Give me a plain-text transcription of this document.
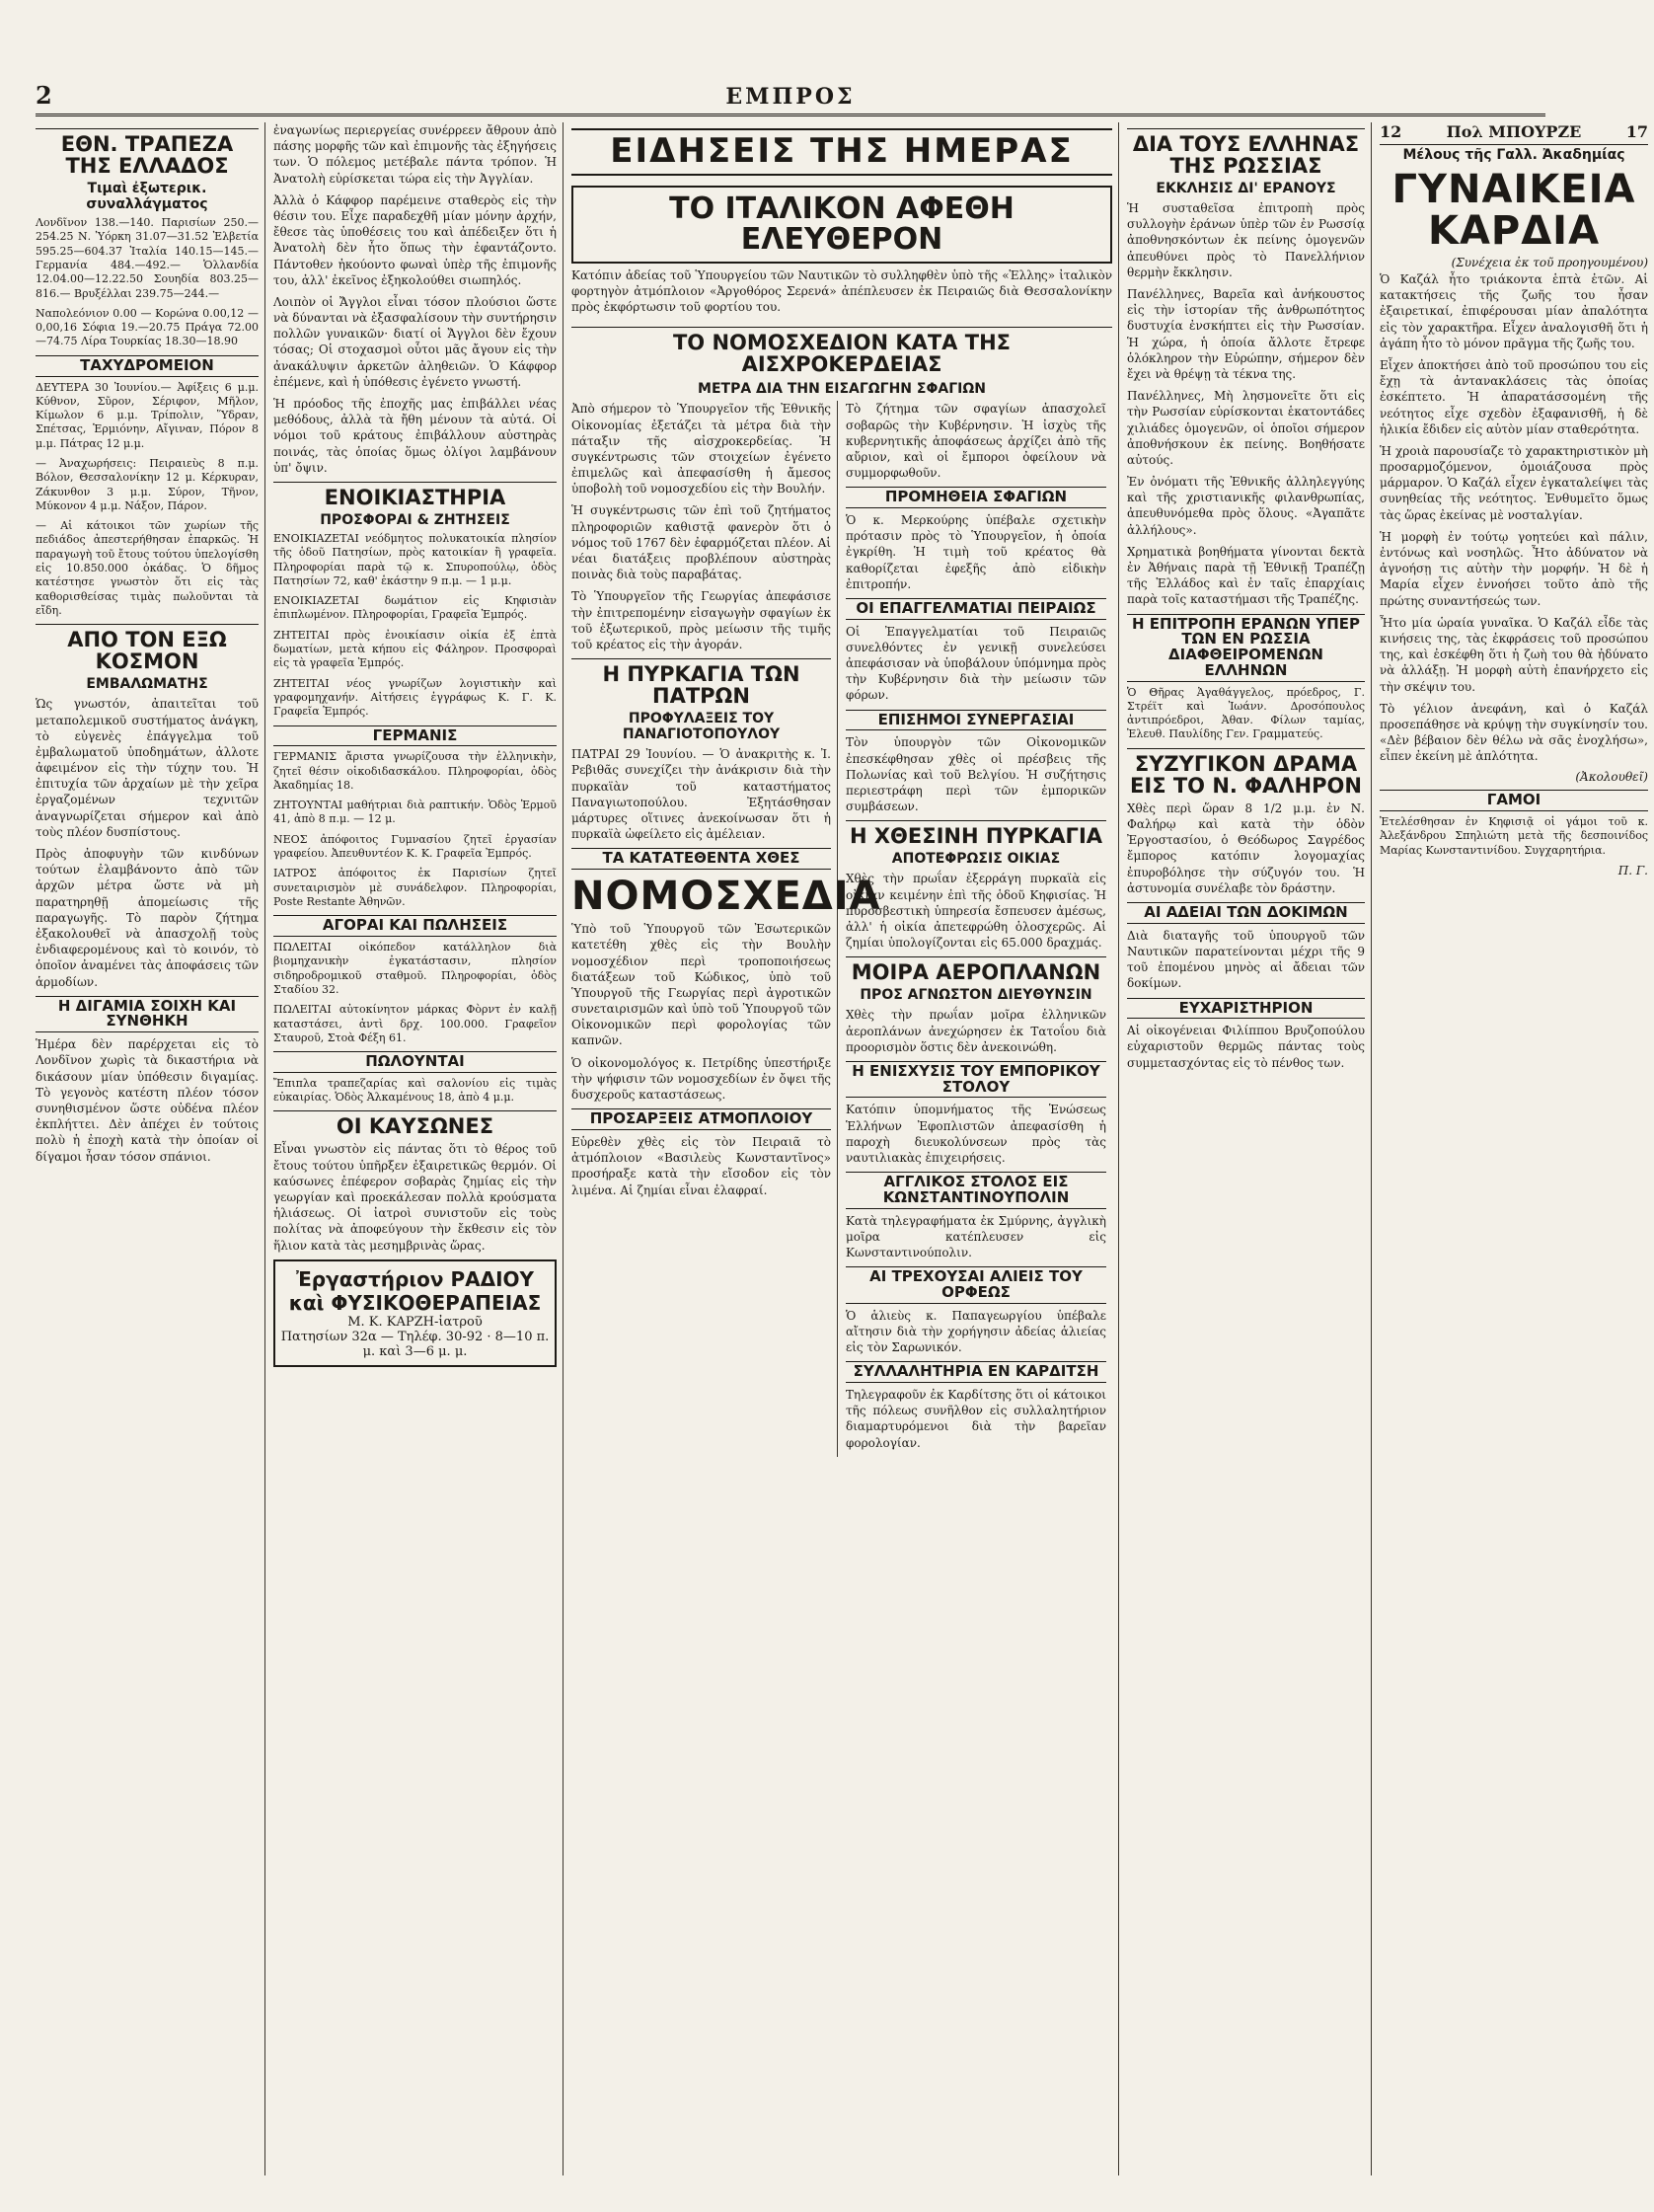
2	ΕΜΠΡΟΣ
ΕΘΝ. ΤΡΑΠΕΖΑ ΤΗΣ ΕΛΛΑΔΟΣ
Τιμαὶ ἐξωτερικ. συναλλάγματος

Λονδῖνον 138.—140. Παρισίων 250.—254.25 Ν. Ὑόρκη 31.07—31.52 Ἐλβετία 595.25—604.37 Ἰταλία 140.15—145.— Γερμανία 484.—492.— Ὁλλανδία 12.04.00—12.22.50 Σουηδία 803.25—816.— Βρυξέλλαι 239.75—244.—

Ναπολεόνιον 0.00 — Κορώνα 0.00,12 — 0,00,16 Σόφια 19.—20.75 Πράγα 72.00—74.75 Λίρα Τουρκίας 18.30—18.90

ΤΑΧΥΔΡΟΜΕΙΟΝ

ΔΕΥΤΕΡΑ 30 Ἰουνίου.— Ἀφίξεις 6 μ.μ. Κύθνον, Σῦρον, Σέριφον, Μῆλον, Κίμωλον 6 μ.μ. Τρίπολιν, Ὕδραν, Σπέτσας, Ἑρμιόνην, Αἴγιναν, Πόρον 8 μ.μ. Πάτρας 12 μ.μ.

— Ἀναχωρήσεις: Πειραιεὺς 8 π.μ. Βόλον, Θεσσαλονίκην 12 μ. Κέρκυραν, Ζάκυνθον 3 μ.μ. Σύρον, Τῆνον, Μύκονον 4 μ.μ. Νάξον, Πάρον.

— Αἱ κάτοικοι τῶν χωρίων τῆς πεδιάδος ἀπεστερήθησαν ἐπαρκῶς. Ἡ παραγωγὴ τοῦ ἔτους τούτου ὑπελογίσθη εἰς 10.850.000 ὀκάδας. Ὁ δῆμος κατέστησε γνωστὸν ὅτι εἰς τὰς καθορισθείσας τιμὰς πωλοῦνται τὰ εἴδη.

ΑΠΟ ΤΟΝ ΕΞΩ ΚΟΣΜΟΝ
ΕΜΒΑΛΩΜΑΤΗΣ

Ὡς γνωστόν, ἀπαιτεῖται τοῦ μεταπολεμικοῦ συστήματος ἀνάγκη, τὸ εὐγενὲς ἐπάγγελμα τοῦ ἐμβαλωματοῦ ὑποδημάτων, ἀλλοτε ἀφειμένον εἰς τὴν τύχην του. Ἡ ἐπιτυχία τῶν ἀρχαίων μὲ τὴν χεῖρα ἐργαζομένων τεχνιτῶν ἀναγνωρίζεται σήμερον καὶ ἀπὸ τοὺς πλέον δυσπίστους.

Πρὸς ἀποφυγὴν τῶν κινδύνων τούτων ἐλαμβάνοντο ἀπὸ τῶν ἀρχῶν μέτρα ὥστε νὰ μὴ παρατηρηθῇ ἀπομείωσις τῆς παραγωγῆς. Τὸ παρὸν ζήτημα ἐξακολουθεῖ νὰ ἀπασχολῇ τοὺς ἐνδιαφερομένους καὶ τὸ κοινόν, τὸ ὁποῖον ἀναμένει τὰς ἀποφάσεις τῶν ἁρμοδίων.

Η ΔΙΓΑΜΙΑ ΣΟΙΧΗ ΚΑΙ ΣΥΝΘΗΚΗ

Ἡμέρα δὲν παρέρχεται εἰς τὸ Λονδῖνον χωρὶς τὰ δικαστήρια νὰ δικάσουν μίαν ὑπόθεσιν διγαμίας. Τὸ γεγονὸς κατέστη πλέον τόσον συνηθισμένον ὥστε οὐδένα πλέον ἐκπλήττει. Δὲν ἀπέχει ἐν τούτοις πολὺ ἡ ἐποχὴ κατὰ τὴν ὁποίαν οἱ δίγαμοι ἦσαν τόσον σπάνιοι.

ἐναγωνίως περιεργείας συνέρρεεν ἄθρουν ἀπὸ πάσης μορφῆς τῶν καὶ ἐπιμονῆς τὰς ἐξηγήσεις των. Ὁ πόλεμος μετέβαλε πάντα τρόπον. Ἡ Ἀνατολὴ εὑρίσκεται τώρα εἰς τὴν Ἀγγλίαν.

Ἀλλὰ ὁ Κάφφορ παρέμεινε σταθερὸς εἰς τὴν θέσιν του. Εἶχε παραδεχθῆ μίαν μόνην ἀρχήν, ἔθεσε τὰς ὑποθέσεις του καὶ ἀπέδειξεν ὅτι ἡ Ἀνατολὴ δὲν ἦτο ὅπως τὴν ἐφαντάζοντο. Πάντοθεν ἠκούοντο φωναὶ ὑπὲρ τῆς ἐπιμονῆς του, ἀλλ' ἐκεῖνος ἐξηκολούθει σιωπηλός.

Λοιπὸν οἱ Ἄγγλοι εἶναι τόσον πλούσιοι ὥστε νὰ δύνανται νὰ ἐξασφαλίσουν τὴν συντήρησιν πολλῶν γυναικῶν· διατί οἱ Ἄγγλοι δὲν ἔχουν τόσας; Οἱ στοχασμοὶ οὗτοι μᾶς ἄγουν εἰς τὴν ἀνακάλυψιν ἀρκετῶν ἀληθειῶν. Ὁ Κάφφορ ἐπέμενε, καὶ ἡ ὑπόθεσις ἐγένετο γνωστή.

Ἡ πρόοδος τῆς ἐποχῆς μας ἐπιβάλλει νέας μεθόδους, ἀλλὰ τὰ ἤθη μένουν τὰ αὐτά. Οἱ νόμοι τοῦ κράτους ἐπιβάλλουν αὐστηρὰς ποινάς, τὰς ὁποίας ὅμως ὀλίγοι λαμβάνουν ὑπ' ὄψιν.

ΕΝΟΙΚΙΑΣΤΗΡΙΑ
ΠΡΟΣΦΟΡΑΙ & ΖΗΤΗΣΕΙΣ

ΕΝΟΙΚΙΑΖΕΤΑΙ νεόδμητος πολυκατοικία πλησίον τῆς ὁδοῦ Πατησίων, πρὸς κατοικίαν ἢ γραφεῖα. Πληροφορίαι παρὰ τῷ κ. Σπυροπούλῳ, ὁδὸς Πατησίων 72, καθ' ἑκάστην 9 π.μ. — 1 μ.μ.

ΕΝΟΙΚΙΑΖΕΤΑΙ δωμάτιον εἰς Κηφισιὰν ἐπιπλωμένον. Πληροφορίαι, Γραφεῖα Ἐμπρός.

ΖΗΤΕΙΤΑΙ πρὸς ἐνοικίασιν οἰκία ἐξ ἑπτὰ δωματίων, μετὰ κήπου εἰς Φάληρον. Προσφοραὶ εἰς τὰ γραφεῖα Ἐμπρός.

ΖΗΤΕΙΤΑΙ νέος γνωρίζων λογιστικὴν καὶ γραφομηχανήν. Αἰτήσεις ἐγγράφως Κ. Γ. Κ. Γραφεῖα Ἐμπρός.

ΓΕΡΜΑΝΙΣ

ΓΕΡΜΑΝΙΣ ἄριστα γνωρίζουσα τὴν ἑλληνικὴν, ζητεῖ θέσιν οἰκοδιδασκάλου. Πληροφορίαι, ὁδὸς Ἀκαδημίας 18.

ΖΗΤΟΥΝΤΑΙ μαθήτριαι διὰ ραπτικήν. Ὁδὸς Ἑρμοῦ 41, ἀπὸ 8 π.μ. — 12 μ.

ΝΕΟΣ ἀπόφοιτος Γυμνασίου ζητεῖ ἐργασίαν γραφείου. Ἀπευθυντέον Κ. Κ. Γραφεῖα Ἐμπρός.

ΙΑΤΡΟΣ ἀπόφοιτος ἐκ Παρισίων ζητεῖ συνεταιρισμὸν μὲ συνάδελφον. Πληροφορίαι, Poste Restante Ἀθηνῶν.

ΑΓΟΡΑΙ ΚΑΙ ΠΩΛΗΣΕΙΣ

ΠΩΛΕΙΤΑΙ οἰκόπεδον κατάλληλον διὰ βιομηχανικὴν ἐγκατάστασιν, πλησίον σιδηροδρομικοῦ σταθμοῦ. Πληροφορίαι, ὁδὸς Σταδίου 32.

ΠΩΛΕΙΤΑΙ αὐτοκίνητον μάρκας Φὸρντ ἐν καλῇ καταστάσει, ἀντὶ δρχ. 100.000. Γραφεῖον Σταυροῦ, Στοὰ Φέξη 61.

ΠΩΛΟΥΝΤΑΙ

Ἔπιπλα τραπεζαρίας καὶ σαλονίου εἰς τιμὰς εὐκαιρίας. Ὁδὸς Ἀλκαμένους 18, ἀπὸ 4 μ.μ.

ΟΙ ΚΑΥΣΩΝΕΣ

Εἶναι γνωστὸν εἰς πάντας ὅτι τὸ θέρος τοῦ ἔτους τούτου ὑπῆρξεν ἐξαιρετικῶς θερμόν. Οἱ καύσωνες ἐπέφερον σοβαρὰς ζημίας εἰς τὴν γεωργίαν καὶ προεκάλεσαν πολλὰ κρούσματα ἡλιάσεως. Οἱ ἰατροὶ συνιστοῦν εἰς τοὺς πολίτας νὰ ἀποφεύγουν τὴν ἔκθεσιν εἰς τὸν ἥλιον κατὰ τὰς μεσημβρινὰς ὥρας.

Ἐργαστήριον ΡΑΔΙΟΥ
καὶ ΦΥΣΙΚΟΘΕΡΑΠΕΙΑΣ
Μ. Κ. ΚΑΡΖΗ-ἰατροῦ
Πατησίων 32α — Τηλέφ. 30-92 · 8—10 π. μ. καὶ 3—6 μ. μ.
ΕΙΔΗΣΕΙΣ ΤΗΣ ΗΜΕΡΑΣ
ΤΟ ΙΤΑΛΙΚΟΝ ΑΦΕΘΗ ΕΛΕΥΘΕΡΟΝ

Κατόπιν ἀδείας τοῦ Ὑπουργείου τῶν Ναυτικῶν τὸ συλληφθὲν ὑπὸ τῆς «Ἑλλης» ἰταλικὸν φορτηγὸν ἀτμόπλοιον «Ἀργοθόρος Σερενά» ἀπέπλευσεν ἐκ Πειραιῶς διὰ Θεσσαλονίκην πρὸς ἐκφόρτωσιν τοῦ φορτίου του.

ΤΟ ΝΟΜΟΣΧΕΔΙΟΝ ΚΑΤΑ ΤΗΣ ΑΙΣΧΡΟΚΕΡΔΕΙΑΣ
ΜΕΤΡΑ ΔΙΑ ΤΗΝ ΕΙΣΑΓΩΓΗΝ ΣΦΑΓΙΩΝ

Ἀπὸ σήμερον τὸ Ὑπουργεῖον τῆς Ἐθνικῆς Οἰκονομίας ἐξετάζει τὰ μέτρα διὰ τὴν πάταξιν τῆς αἰσχροκερδείας. Ἡ συγκέντρωσις τῶν στοιχείων ἐγένετο ἐπιμελῶς καὶ ἀπεφασίσθη ἡ ἄμεσος ὑποβολὴ τοῦ νομοσχεδίου εἰς τὴν Βουλήν.

Ἡ συγκέντρωσις τῶν ἐπὶ τοῦ ζητήματος πληροφοριῶν καθιστᾷ φανερὸν ὅτι ὁ νόμος τοῦ 1767 δὲν ἐφαρμόζεται πλέον. Αἱ νέαι διατάξεις προβλέπουν αὐστηρὰς ποινὰς διὰ τοὺς παραβάτας.

Τὸ Ὑπουργεῖον τῆς Γεωργίας ἀπεφάσισε τὴν ἐπιτρεπομένην εἰσαγωγὴν σφαγίων ἐκ τοῦ ἐξωτερικοῦ, πρὸς μείωσιν τῆς τιμῆς τοῦ κρέατος εἰς τὴν ἀγοράν.

Η ΠΥΡΚΑΓΙΑ ΤΩΝ ΠΑΤΡΩΝ
ΠΡΟΦΥΛΑΞΕΙΣ ΤΟΥ ΠΑΝΑΓΙΟΤΟΠΟΥΛΟΥ

ΠΑΤΡΑΙ 29 Ἰουνίου. — Ὁ ἀνακριτὴς κ. Ἰ. Ρεβιθᾶς συνεχίζει τὴν ἀνάκρισιν διὰ τὴν πυρκαϊὰν τοῦ καταστήματος Παναγιωτοπούλου. Ἐξητάσθησαν μάρτυρες οἵτινες ἀνεκοίνωσαν ὅτι ἡ πυρκαϊὰ ὠφείλετο εἰς ἀμέλειαν.

ΤΑ ΚΑΤΑΤΕΘΕΝΤΑ ΧΘΕΣ
ΝΟΜΟΣΧΕΔΙΑ

Ὑπὸ τοῦ Ὑπουργοῦ τῶν Ἐσωτερικῶν κατετέθη χθὲς εἰς τὴν Βουλὴν νομοσχέδιον περὶ τροποποιήσεως διατάξεων τοῦ Κώδικος, ὑπὸ τοῦ Ὑπουργοῦ τῆς Γεωργίας περὶ ἀγροτικῶν συνεταιρισμῶν καὶ ὑπὸ τοῦ Ὑπουργοῦ τῶν Οἰκονομικῶν περὶ φορολογίας τῶν καπνῶν.

Ὁ οἰκονομολόγος κ. Πετρίδης ὑπεστήριξε τὴν ψήφισιν τῶν νομοσχεδίων ἐν ὄψει τῆς δυσχεροῦς καταστάσεως.

ΠΡΟΣΑΡΞΕΙΣ ΑΤΜΟΠΛΟΙΟΥ

Εὑρεθὲν χθὲς εἰς τὸν Πειραιᾶ τὸ ἀτμόπλοιον «Βασιλεὺς Κωνσταντῖνος» προσήραξε κατὰ τὴν εἴσοδον εἰς τὸν λιμένα. Αἱ ζημίαι εἶναι ἐλαφραί.

Τὸ ζήτημα τῶν σφαγίων ἀπασχολεῖ σοβαρῶς τὴν Κυβέρνησιν. Ἡ ἰσχὺς τῆς κυβερνητικῆς ἀποφάσεως ἀρχίζει ἀπὸ τῆς αὔριον, καὶ οἱ ἔμποροι ὀφείλουν νὰ συμμορφωθοῦν.

ΠΡΟΜΗΘΕΙΑ ΣΦΑΓΙΩΝ

Ὁ κ. Μερκούρης ὑπέβαλε σχετικὴν πρότασιν πρὸς τὸ Ὑπουργεῖον, ἡ ὁποία ἐγκρίθη. Ἡ τιμὴ τοῦ κρέατος θὰ καθορίζεται ἐφεξῆς ἀπὸ εἰδικὴν ἐπιτροπήν.

ΟΙ ΕΠΑΓΓΕΛΜΑΤΙΑΙ ΠΕΙΡΑΙΩΣ

Οἱ Ἐπαγγελματίαι τοῦ Πειραιῶς συνελθόντες ἐν γενικῇ συνελεύσει ἀπεφάσισαν νὰ ὑποβάλουν ὑπόμνημα πρὸς τὴν Κυβέρνησιν διὰ τὴν μείωσιν τῶν φόρων.

ΕΠΙΣΗΜΟΙ ΣΥΝΕΡΓΑΣΙΑΙ

Τὸν ὑπουργὸν τῶν Οἰκονομικῶν ἐπεσκέφθησαν χθὲς οἱ πρέσβεις τῆς Πολωνίας καὶ τοῦ Βελγίου. Ἡ συζήτησις περιεστράφη περὶ τῶν ἐμπορικῶν συμβάσεων.

Η ΧΘΕΣΙΝΗ ΠΥΡΚΑΓΙΑ
ΑΠΟΤΕΦΡΩΣΙΣ ΟΙΚΙΑΣ

Χθὲς τὴν πρωΐαν ἐξερράγη πυρκαϊὰ εἰς οἰκίαν κειμένην ἐπὶ τῆς ὁδοῦ Κηφισίας. Ἡ πυροσβεστικὴ ὑπηρεσία ἔσπευσεν ἀμέσως, ἀλλ' ἡ οἰκία ἀπετεφρώθη ὁλοσχερῶς. Αἱ ζημίαι ὑπολογίζονται εἰς 65.000 δραχμάς.

ΜΟΙΡΑ ΑΕΡΟΠΛΑΝΩΝ
ΠΡΟΣ ΑΓΝΩΣΤΟΝ ΔΙΕΥΘΥΝΣΙΝ

Χθὲς τὴν πρωΐαν μοῖρα ἑλληνικῶν ἀεροπλάνων ἀνεχώρησεν ἐκ Τατοΐου διὰ προορισμὸν ὅστις δὲν ἀνεκοινώθη.

Η ΕΝΙΣΧΥΣΙΣ ΤΟΥ ΕΜΠΟΡΙΚΟΥ ΣΤΟΛΟΥ

Κατόπιν ὑπομνήματος τῆς Ἑνώσεως Ἑλλήνων Ἐφοπλιστῶν ἀπεφασίσθη ἡ παροχὴ διευκολύνσεων πρὸς τὰς ναυτιλιακὰς ἐπιχειρήσεις.

ΑΓΓΛΙΚΟΣ ΣΤΟΛΟΣ ΕΙΣ ΚΩΝΣΤΑΝΤΙΝΟΥΠΟΛΙΝ

Κατὰ τηλεγραφήματα ἐκ Σμύρνης, ἀγγλικὴ μοῖρα κατέπλευσεν εἰς Κωνσταντινούπολιν.

ΑΙ ΤΡΕΧΟΥΣΑΙ ΑΛΙΕΙΣ ΤΟΥ ΟΡΦΕΩΣ

Ὁ ἁλιεὺς κ. Παπαγεωργίου ὑπέβαλε αἴτησιν διὰ τὴν χορήγησιν ἀδείας ἁλιείας εἰς τὸν Σαρωνικόν.

ΣΥΛΛΑΛΗΤΗΡΙΑ ΕΝ ΚΑΡΔΙΤΣΗ

Τηλεγραφοῦν ἐκ Καρδίτσης ὅτι οἱ κάτοικοι τῆς πόλεως συνῆλθον εἰς συλλαλητήριον διαμαρτυρόμενοι διὰ τὴν βαρεῖαν φορολογίαν.

ΔΙΑ ΤΟΥΣ ΕΛΛΗΝΑΣ ΤΗΣ ΡΩΣΣΙΑΣ
ΕΚΚΛΗΣΙΣ ΔΙ' ΕΡΑΝΟΥΣ

Ἡ συσταθεῖσα ἐπιτροπὴ πρὸς συλλογὴν ἐράνων ὑπὲρ τῶν ἐν Ρωσσίᾳ ἀποθνησκόντων ἐκ πείνης ὁμογενῶν ἀπευθύνει πρὸς τὸ Πανελλήνιον θερμὴν ἔκκλησιν.

Πανέλληνες, Βαρεῖα καὶ ἀνήκουστος εἰς τὴν ἱστορίαν τῆς ἀνθρωπότητος δυστυχία ἐνσκήπτει εἰς τὴν Ρωσσίαν. Ἡ χώρα, ἡ ὁποία ἄλλοτε ἔτρεφε ὁλόκληρον τὴν Εὐρώπην, σήμερον δὲν ἔχει νὰ θρέψῃ τὰ τέκνα της.

Πανέλληνες, Μὴ λησμονεῖτε ὅτι εἰς τὴν Ρωσσίαν εὑρίσκονται ἑκατοντάδες χιλιάδες ὁμογενῶν, οἱ ὁποῖοι σήμερον ἀποθνήσκουν ἐκ πείνης. Βοηθήσατε αὐτούς.

Ἐν ὀνόματι τῆς Ἐθνικῆς ἀλληλεγγύης καὶ τῆς χριστιανικῆς φιλανθρωπίας, ἀπευθυνόμεθα πρὸς ὅλους. «Ἀγαπᾶτε ἀλλήλους».

Χρηματικὰ βοηθήματα γίνονται δεκτὰ ἐν Ἀθήναις παρὰ τῇ Ἐθνικῇ Τραπέζῃ τῆς Ἑλλάδος καὶ ἐν ταῖς ἐπαρχίαις παρὰ τοῖς καταστήμασι τῆς Τραπέζης.

Η ΕΠΙΤΡΟΠΗ ΕΡΑΝΩΝ ΥΠΕΡ ΤΩΝ ΕΝ ΡΩΣΣΙΑ ΔΙΑΦΘΕΙΡΟΜΕΝΩΝ ΕΛΛΗΝΩΝ

Ὁ Θῆρας Ἀγαθάγγελος, πρόεδρος, Γ. Στρέϊτ καὶ Ἰωάνν. Δροσόπουλος ἀντιπρόεδροι, Ἀθαν. Φίλων ταμίας, Ἐλευθ. Παυλίδης Γεν. Γραμματεύς.

ΣΥΖΥΓΙΚΟΝ ΔΡΑΜΑ ΕΙΣ ΤΟ Ν. ΦΑΛΗΡΟΝ

Χθὲς περὶ ὥραν 8 1/2 μ.μ. ἐν Ν. Φαλήρῳ καὶ κατὰ τὴν ὁδὸν Ἐργοστασίου, ὁ Θεόδωρος Σαγρέδος ἔμπορος κατόπιν λογομαχίας ἐπυροβόλησε τὴν σύζυγόν του. Ἡ ἀστυνομία συνέλαβε τὸν δράστην.

ΑΙ ΑΔΕΙΑΙ ΤΩΝ ΔΟΚΙΜΩΝ

Διὰ διαταγῆς τοῦ ὑπουργοῦ τῶν Ναυτικῶν παρατείνονται μέχρι τῆς 9 τοῦ ἐπομένου μηνὸς αἱ ἄδειαι τῶν δοκίμων.

ΕΥΧΑΡΙΣΤΗΡΙΟΝ

Αἱ οἰκογένειαι Φιλίππου Βρυζοπούλου εὐχαριστοῦν θερμῶς πάντας τοὺς συμμετασχόντας εἰς τὸ πένθος των.

12	Πολ ΜΠΟΥΡΖΕ	17
Μέλους τῆς Γαλλ. Ἀκαδημίας
ΓΥΝΑΙΚΕΙΑ ΚΑΡΔΙΑ
(Συνέχεια ἐκ τοῦ προηγουμένου)

Ὁ Καζάλ ἦτο τριάκοντα ἑπτὰ ἐτῶν. Αἱ κατακτήσεις τῆς ζωῆς του ἦσαν ἐξαιρετικαί, ἐπιφέρουσαι μίαν ἀπαλότητα εἰς τὸν χαρακτῆρα. Εἶχεν ἀναλογισθῆ ὅτι ἡ ἀγάπη ἦτο τὸ μόνον πρᾶγμα τῆς ζωῆς του.

Εἶχεν ἀποκτήσει ἀπὸ τοῦ προσώπου του εἰς ἔχῃ τὰ ἀντανακλάσεις τὰς ὁποίας ἐσκέπτετο. Ἡ ἀπαρατάσσομένη τῆς νεότητος εἶχε σχεδὸν ἐξαφανισθῆ, ἡ δὲ ἡλικία ἔδιδεν εἰς αὐτὸν μίαν σταθερότητα.

Ἡ χροιὰ παρουσίαζε τὸ χαρακτηριστικὸν μὴ προσαρμοζόμενον, ὁμοιάζουσα πρὸς μάρμαρον. Ὁ Καζάλ εἶχεν ἐγκαταλείψει τὰς συνηθείας τῆς νεότητος. Ἐνθυμεῖτο ὅμως τὰς ὥρας ἐκείνας μὲ νοσταλγίαν.

Ἡ μορφὴ ἐν τούτῳ γοητεύει καὶ πάλιν, ἐντόνως καὶ νοσηλῶς. Ἦτο ἀδύνατον νὰ ἀγνοήσῃ τις αὐτὴν τὴν μορφήν. Ἡ δὲ ἡ Μαρία εἶχεν ἐννοήσει τοῦτο ἀπὸ τῆς πρώτης συναντήσεώς των.

Ἦτο μία ὡραία γυναῖκα. Ὁ Καζάλ εἶδε τὰς κινήσεις της, τὰς ἐκφράσεις τοῦ προσώπου της, καὶ ἐσκέφθη ὅτι ἡ ζωὴ του θὰ ἠδύνατο νὰ ἀλλάξῃ. Ἡ μορφὴ αὐτὴ ἐπανήρχετο εἰς τὴν σκέψιν του.

Τὸ γέλιον ἀνεφάνη, καὶ ὁ Καζάλ προσεπάθησε νὰ κρύψῃ τὴν συγκίνησίν του. «Δὲν βέβαιον δὲν θέλω νὰ σᾶς ἐνοχλήσω», εἶπεν ἐκείνη μὲ ἁπλότητα.

(Ἀκολουθεῖ)
ΓΑΜΟΙ

Ἐτελέσθησαν ἐν Κηφισιᾷ οἱ γάμοι τοῦ κ. Ἀλεξάνδρου Σπηλιώτη μετὰ τῆς δεσποινίδος Μαρίας Κωνσταντινίδου. Συγχαρητήρια.

Π. Γ.
